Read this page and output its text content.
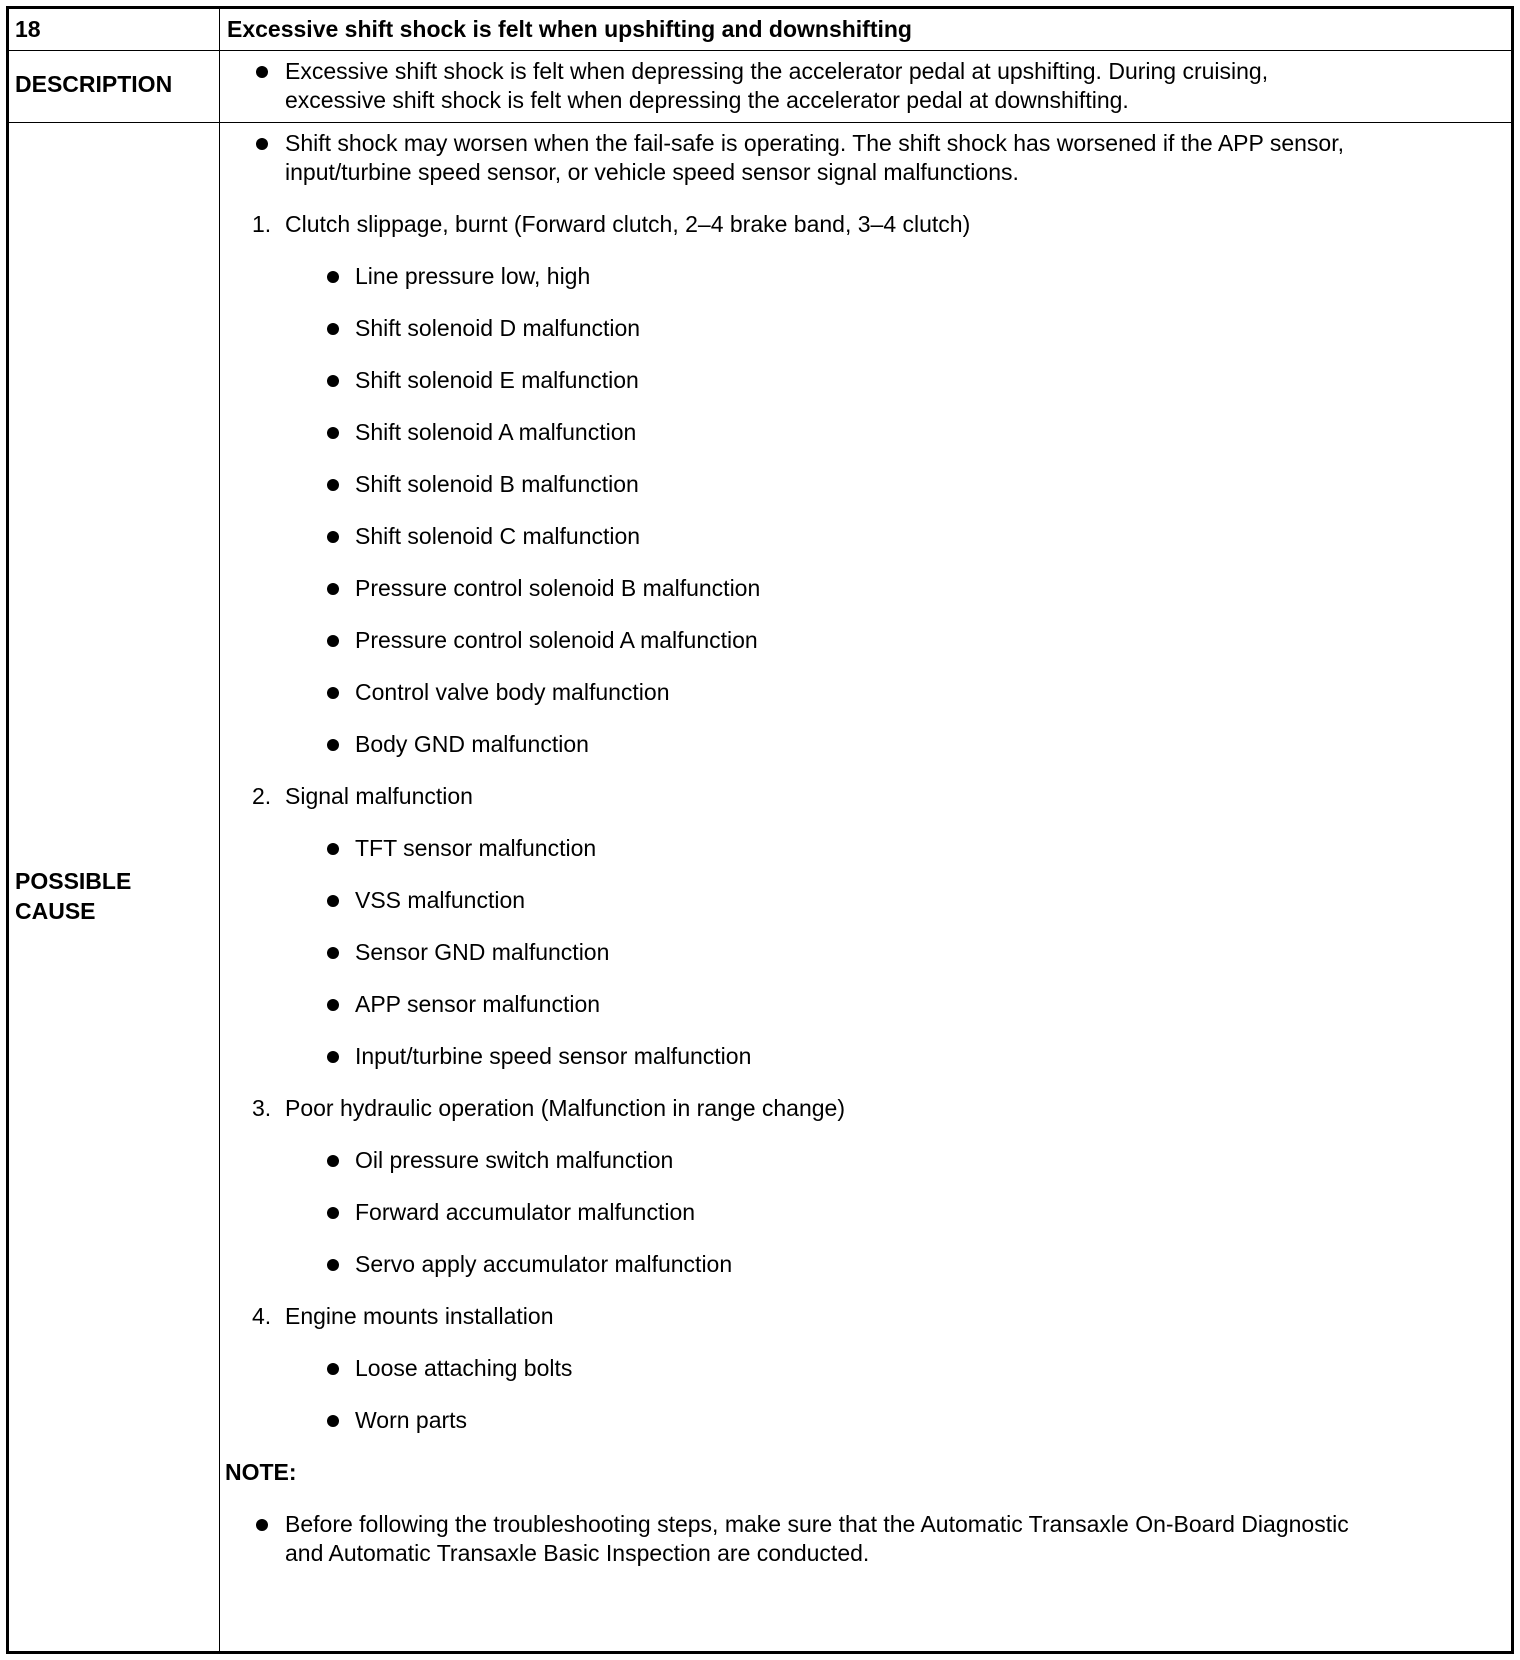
18	Excessive shift shock is felt when upshifting and downshifting
DESCRIPTION	Excessive shift shock is felt when depressing the accelerator pedal at upshifting. During cruising,
excessive shift shock is felt when depressing the accelerator pedal at downshifting.
POSSIBLE
CAUSE
Shift shock may worsen when the fail-safe is operating. The shift shock has worsened if the APP sensor,
input/turbine speed sensor, or vehicle speed sensor signal malfunctions.
1. Clutch slippage, burnt (Forward clutch, 2–4 brake band, 3–4 clutch)
Line pressure low, high
Shift solenoid D malfunction
Shift solenoid E malfunction
Shift solenoid A malfunction
Shift solenoid B malfunction
Shift solenoid C malfunction
Pressure control solenoid B malfunction
Pressure control solenoid A malfunction
Control valve body malfunction
Body GND malfunction
2. Signal malfunction
TFT sensor malfunction
VSS malfunction
Sensor GND malfunction
APP sensor malfunction
Input/turbine speed sensor malfunction
3. Poor hydraulic operation (Malfunction in range change)
Oil pressure switch malfunction
Forward accumulator malfunction
Servo apply accumulator malfunction
4. Engine mounts installation
Loose attaching bolts
Worn parts
NOTE:
Before following the troubleshooting steps, make sure that the Automatic Transaxle On-Board Diagnostic
and Automatic Transaxle Basic Inspection are conducted.
